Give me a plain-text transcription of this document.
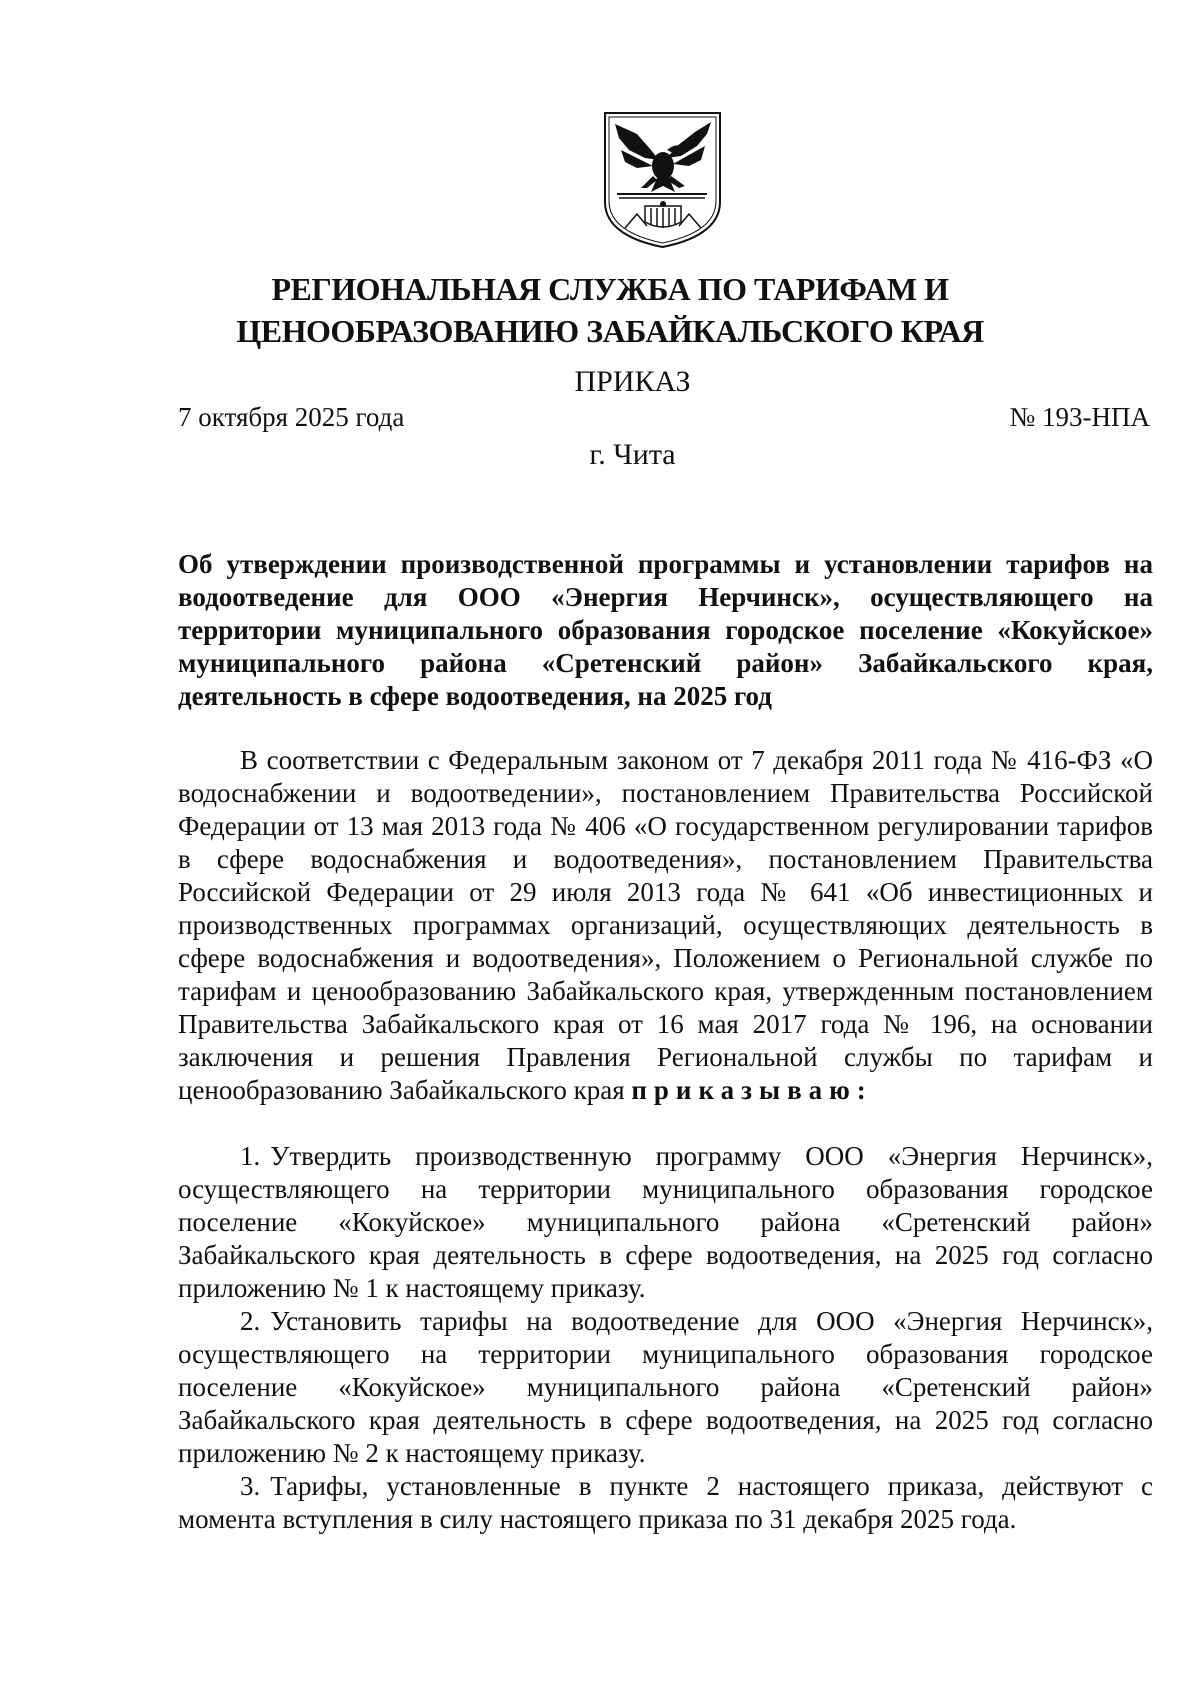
РЕГИОНАЛЬНАЯ СЛУЖБА ПО ТАРИФАМ И
ЦЕНООБРАЗОВАНИЮ ЗАБАЙКАЛЬСКОГО КРАЯ
ПРИКАЗ
7 октября 2025 года	№ 193-НПА
г. Чита
Об утверждении производственной программы и установлении тарифов на водоотведение для ООО «Энергия Нерчинск», осуществляющего на территории муниципального образования городское поселение «Кокуйское» муниципального района «Сретенский район» Забайкальского края, деятельность в сфере водоотведения, на 2025 год

В соответствии с Федеральным законом от 7 декабря 2011 года № 416-ФЗ «О водоснабжении и водоотведении», постановлением Правительства Российской Федерации от 13 мая 2013 года № 406 «О государственном регулировании тарифов в сфере водоснабжения и водоотведения», постановлением Правительства Российской Федерации от 29 июля 2013 года № 641 «Об инвестиционных и производственных программах организаций, осуществляющих деятельность в сфере водоснабжения и водоотведения», Положением о Региональной службе по тарифам и ценообразованию Забайкальского края, утвержденным постановлением Правительства Забайкальского края от 16 мая 2017 года № 196, на основании заключения и решения Правления Региональной службы по тарифам и ценообразованию Забайкальского края приказываю:

1. Утвердить производственную программу ООО «Энергия Нерчинск», осуществляющего на территории муниципального образования городское поселение «Кокуйское» муниципального района «Сретенский район» Забайкальского края деятельность в сфере водоотведения, на 2025 год согласно приложению № 1 к настоящему приказу.

2. Установить тарифы на водоотведение для ООО «Энергия Нерчинск», осуществляющего на территории муниципального образования городское поселение «Кокуйское» муниципального района «Сретенский район» Забайкальского края деятельность в сфере водоотведения, на 2025 год согласно приложению № 2 к настоящему приказу.

3. Тарифы, установленные в пункте 2 настоящего приказа, действуют с момента вступления в силу настоящего приказа по 31 декабря 2025 года.
